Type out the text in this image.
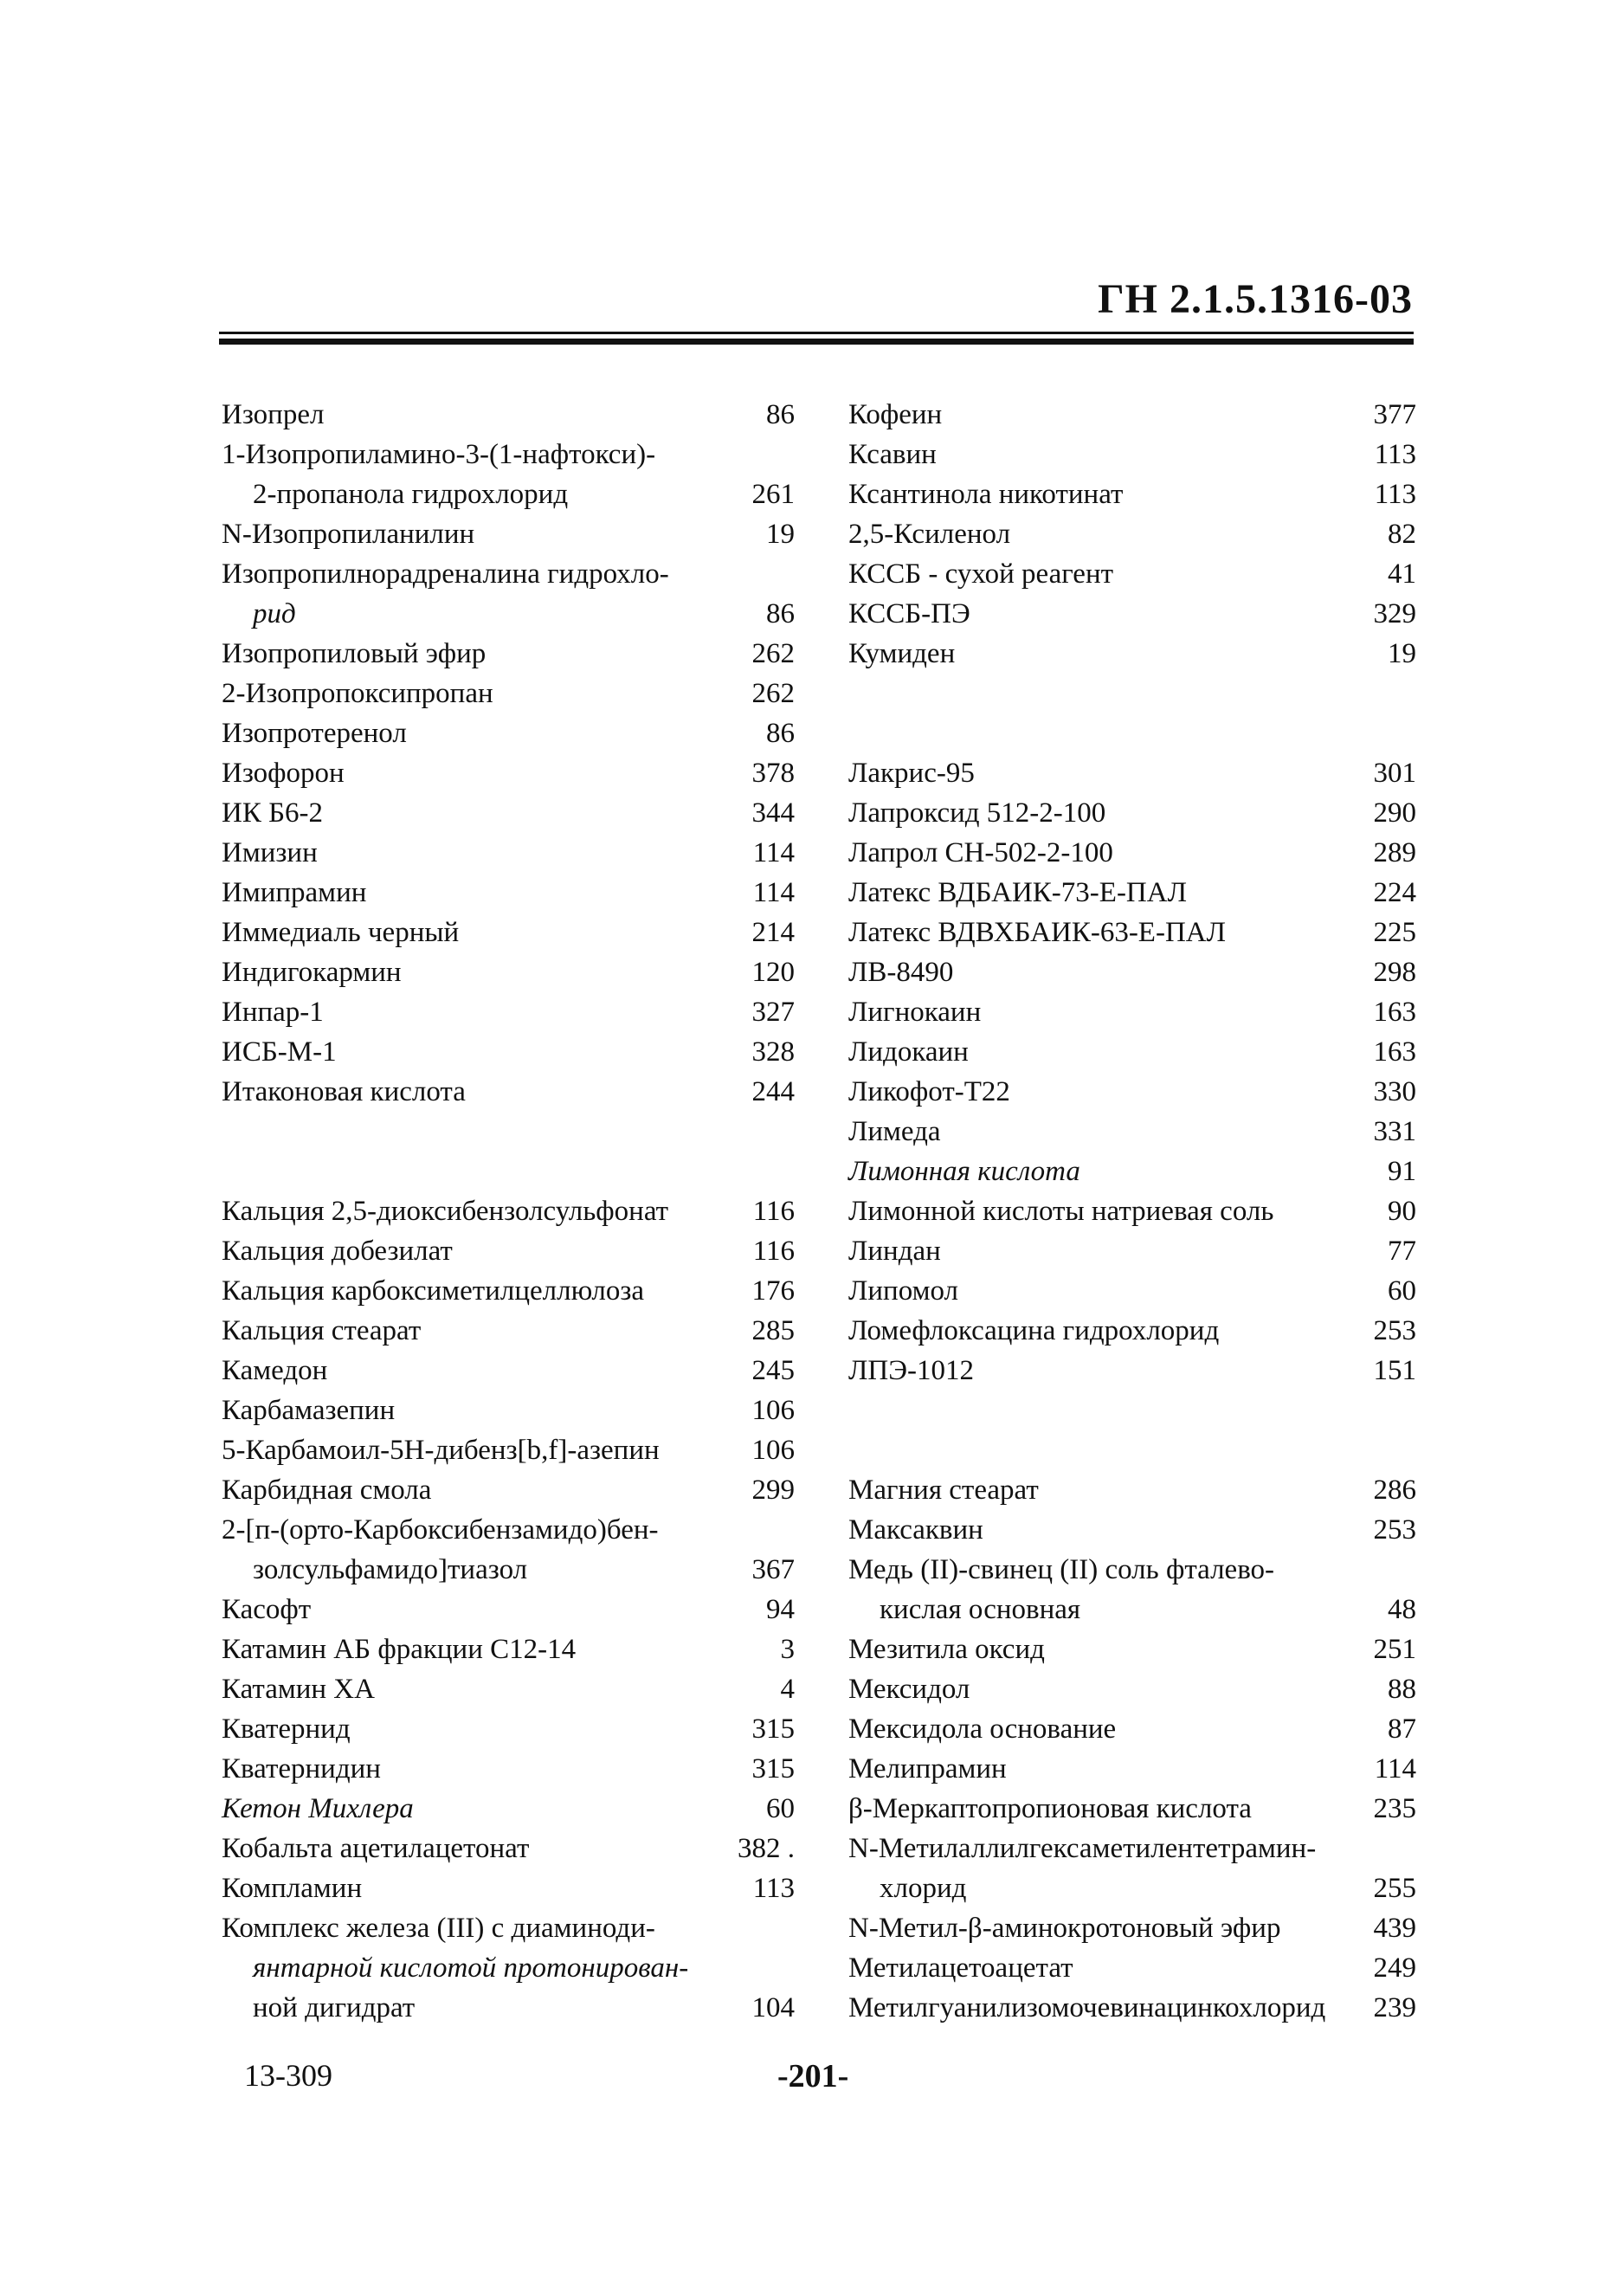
ГН 2.1.5.1316-03
Изопрел	86
1-Изопропиламино-3-(1-нафтокси)-
2-пропанола гидрохлорид	261
N-Изопропиланилин	19
Изопропилнорадреналина гидрохло-
рид	86
Изопропиловый эфир	262
2-Изопропоксипропан	262
Изопротеренол	86
Изофорон	378
ИК Б6-2	344
Имизин	114
Имипрамин	114
Иммедиаль черный	214
Индигокармин	120
Инпар-1	327
ИСБ-М-1	328
Итаконовая кислота	244
Кальция 2,5-диоксибензолсульфонат	116
Кальция добезилат	116
Кальция карбоксиметилцеллюлоза	176
Кальция стеарат	285
Камедон	245
Карбамазепин	106
5-Карбамоил-5Н-дибенз[b,f]-азепин	106
Карбидная смола	299
2-[п-(орто-Карбоксибензамидо)бен-
золсульфамидо]тиазол	367
Касофт	94
Катамин АБ фракции C12-14	3
Катамин ХА	4
Кватернид	315
Кватернидин	315
Кетон Михлера	60
Кобальта ацетилацетонат	382 .
Компламин	113
Комплекс железа (III) с диаминоди-
янтарной кислотой протонирован-
ной дигидрат	104
Кофеин	377
Ксавин	113
Ксантинола никотинат	113
2,5-Ксиленол	82
КССБ - сухой реагент	41
КССБ-ПЭ	329
Кумиден	19
Лакрис-95	301
Лапроксид 512-2-100	290
Лапрол СН-502-2-100	289
Латекс ВДБАИК-73-Е-ПАЛ	224
Латекс ВДВХБАИК-63-Е-ПАЛ	225
ЛВ-8490	298
Лигнокаин	163
Лидокаин	163
Ликофот-Т22	330
Лимеда	331
Лимонная кислота	91
Лимонной кислоты натриевая соль	90
Линдан	77
Липомол	60
Ломефлоксацина гидрохлорид	253
ЛПЭ-1012	151
Магния стеарат	286
Максаквин	253
Медь (II)-свинец (II) соль фталево-
кислая основная	48
Мезитила оксид	251
Мексидол	88
Мексидола основание	87
Мелипрамин	114
β-Меркаптопропионовая кислота	235
N-Метилаллилгексаметилентетрамин-
хлорид	255
N-Метил-β-аминокротоновый эфир	439
Метилацетоацетат	249
Метилгуанилизомочевинацинкохлорид	239
13-309	-201-
